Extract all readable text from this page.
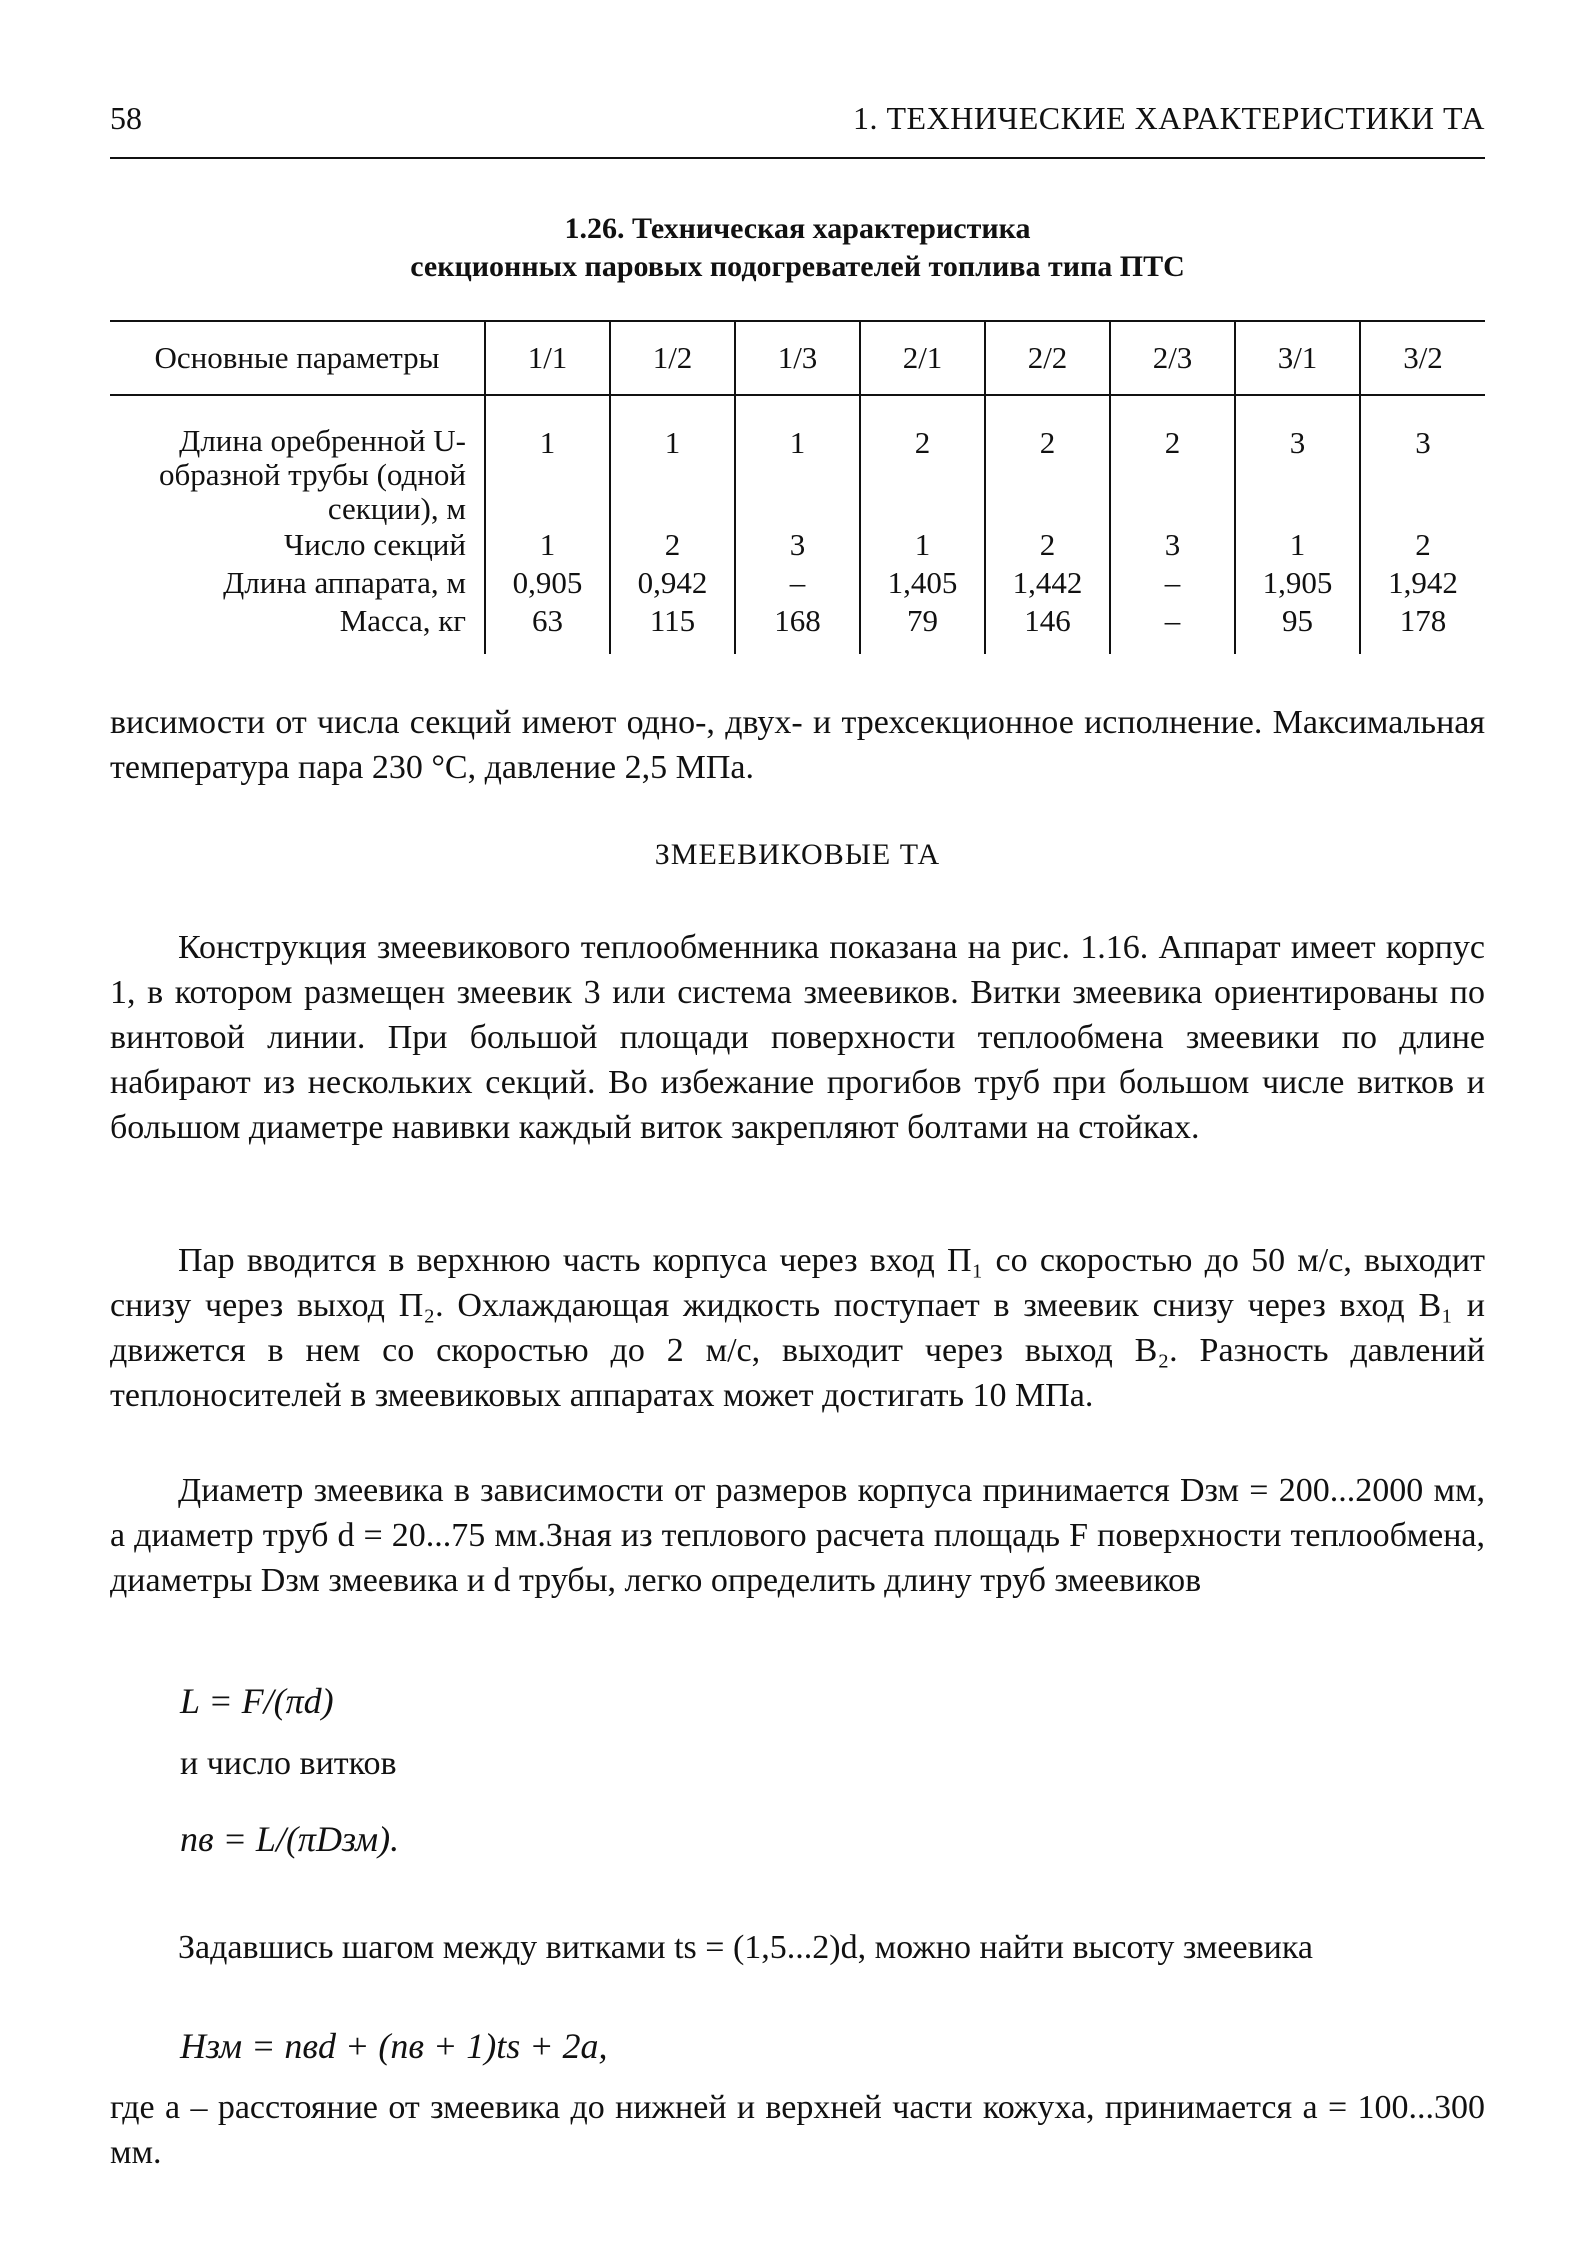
58	1. ТЕХНИЧЕСКИЕ ХАРАКТЕРИСТИКИ ТА
1.26. Техническая характеристика
секционных паровых подогревателей топлива типа ПТС
Основные параметры	1/1	1/2	1/3	2/1	2/2	2/3	3/1	3/2
Длина оребренной U-образной трубы (одной секции), м	1	1	1	2	2	2	3	3
Число секций	1	2	3	1	2	3	1	2
Длина аппарата, м	0,905	0,942	–	1,405	1,442	–	1,905	1,942
Масса, кг	63	115	168	79	146	–	95	178

висимости от числа секций имеют одно-, двух- и трехсекционное исполнение. Максимальная температура пара 230 °С, давление 2,5 МПа.

ЗМЕЕВИКОВЫЕ ТА

Конструкция змеевикового теплообменника показана на рис. 1.16. Аппарат имеет корпус 1, в котором размещен змеевик 3 или система змеевиков. Витки змеевика ориентированы по винтовой линии. При большой площади поверхности теплообмена змеевики по длине набирают из нескольких секций. Во избежание прогибов труб при большом числе витков и большом диаметре навивки каждый виток закрепляют болтами на стойках.

Пар вводится в верхнюю часть корпуса через вход П₁ со скоростью до 50 м/с, выходит снизу через выход П₂. Охлаждающая жидкость поступает в змеевик снизу через вход В₁ и движется в нем со скоростью до 2 м/с, выходит через выход В₂. Разность давлений теплоносителей в змеевиковых аппаратах может достигать 10 МПа.

Диаметр змеевика в зависимости от размеров корпуса принимается Dзм = 200...2000 мм, а диаметр труб d = 20...75 мм.Зная из теплового расчета площадь F поверхности теплообмена, диаметры Dзм змеевика и d трубы, легко определить длину труб змеевиков

L = F/(πd)
и число витков
nв = L/(πDзм).

Задавшись шагом между витками ts = (1,5...2)d, можно найти высоту змеевика

Hзм = nвd + (nв + 1)ts + 2a,

где a – расстояние от змеевика до нижней и верхней части кожуха, принимается a = 100...300 мм.
